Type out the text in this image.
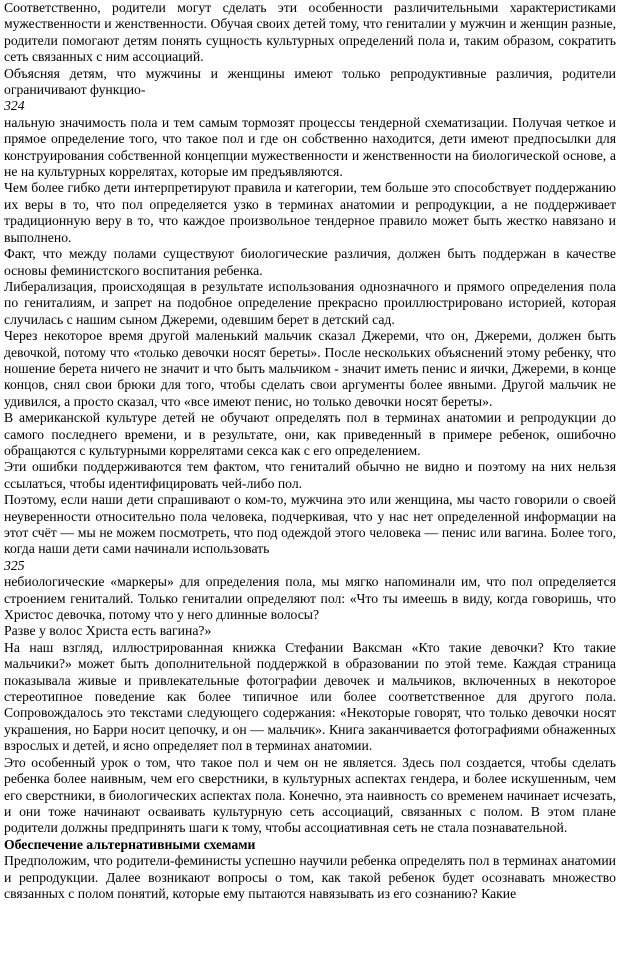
Соответственно, родители могут сделать эти особенности различительными характеристиками мужественности и женственности. Обучая своих детей тому, что гениталии у мужчин и женщин разные, родители помогают детям понять сущность культурных определений пола и, таким образом, сократить сеть связанных с ним ассоциаций.

Объясняя детям, что мужчины и женщины имеют только репродуктивные различия, родители ограничивают функцио-

324

нальную значимость пола и тем самым тормозят процессы тендерной схематизации. Получая четкое и прямое определение того, что такое пол и где он собственно находится, дети имеют предпосылки для конструирования собственной концепции мужественности и женственности на биологической основе, а не на культурных коррелятах, которые им предъявляются.

Чем более гибко дети интерпретируют правила и категории, тем больше это способствует поддержанию их веры в то, что пол определяется узко в терминах анатомии и репродукции, а не поддерживает традиционную веру в то, что каждое произвольное тендерное правило может быть жестко навязано и выполнено.

Факт, что между полами существуют биологические различия, должен быть поддержан в качестве основы феминистского воспитания ребенка.

Либерализация, происходящая в результате использования однозначного и прямого определения пола по гениталиям, и запрет на подобное определение прекрасно проиллюстрировано историей, которая случилась с нашим сыном Джереми, одевшим берет в детский сад.

Через некоторое время другой маленький мальчик сказал Джереми, что он, Джереми, должен быть девочкой, потому что «только девочки носят береты». После нескольких объяснений этому ребенку, что ношение берета ничего не значит и что быть мальчиком - значит иметь пенис и яички, Джереми, в конце концов, снял свои брюки для того, чтобы сделать свои аргументы более явными. Другой мальчик не удивился, а просто сказал, что «все имеют пенис, но только девочки носят береты».

В американской культуре детей не обучают определять пол в терминах анатомии и репродукции до самого последнего времени, и в результате, они, как приведенный в примере ребенок, ошибочно обращаются с культурными коррелятами секса как с его определением.

Эти ошибки поддерживаются тем фактом, что гениталий обычно не видно и поэтому на них нельзя ссылаться, чтобы идентифицировать чей-либо пол.

Поэтому, если наши дети спрашивают о ком-то, мужчина это или женщина, мы часто говорили о своей неуверенности относительно пола человека, подчеркивая, что у нас нет определенной информации на этот счёт — мы не можем посмотреть, что под одеждой этого человека — пенис или вагина. Более того, когда наши дети сами начинали использовать

325

небиологические «маркеры» для определения пола, мы мягко напоминали им, что пол определяется строением гениталий. Только гениталии определяют пол: «Что ты имеешь в виду, когда говоришь, что Христос девочка, потому что у него длинные волосы?

Разве у волос Христа есть вагина?»

На наш взгляд, иллюстрированная книжка Стефании Ваксман «Кто такие девочки? Кто такие мальчики?» может быть дополнительной поддержкой в образовании по этой теме. Каждая страница показывала живые и привлекательные фотографии девочек и мальчиков, включенных в некоторое стереотипное поведение как более типичное или более соответственное для другого пола. Сопровождалось это текстами следующего содержания: «Некоторые говорят, что только девочки носят украшения, но Барри носит цепочку, и он — мальчик». Книга заканчивается фотографиями обнаженных взрослых и детей, и ясно определяет пол в терминах анатомии.

Это особенный урок о том, что такое пол и чем он не является. Здесь пол создается, чтобы сделать ребенка более наивным, чем его сверстники, в культурных аспектах гендера, и более искушенным, чем его сверстники, в биологических аспектах пола. Конечно, эта наивность со временем начинает исчезать, и они тоже начинают осваивать культурную сеть ассоциаций, связанных с полом. В этом плане родители должны предпринять шаги к тому, чтобы ассоциативная сеть не стала познавательной.

Обеспечение альтернативными схемами

Предположим, что родители-феминисты успешно научили ребенка определять пол в терминах анатомии и репродукции. Далее возникают вопросы о том, как такой ребенок будет осознавать множество связанных с полом понятий, которые ему пытаются навязывать из его сознанию? Какие
